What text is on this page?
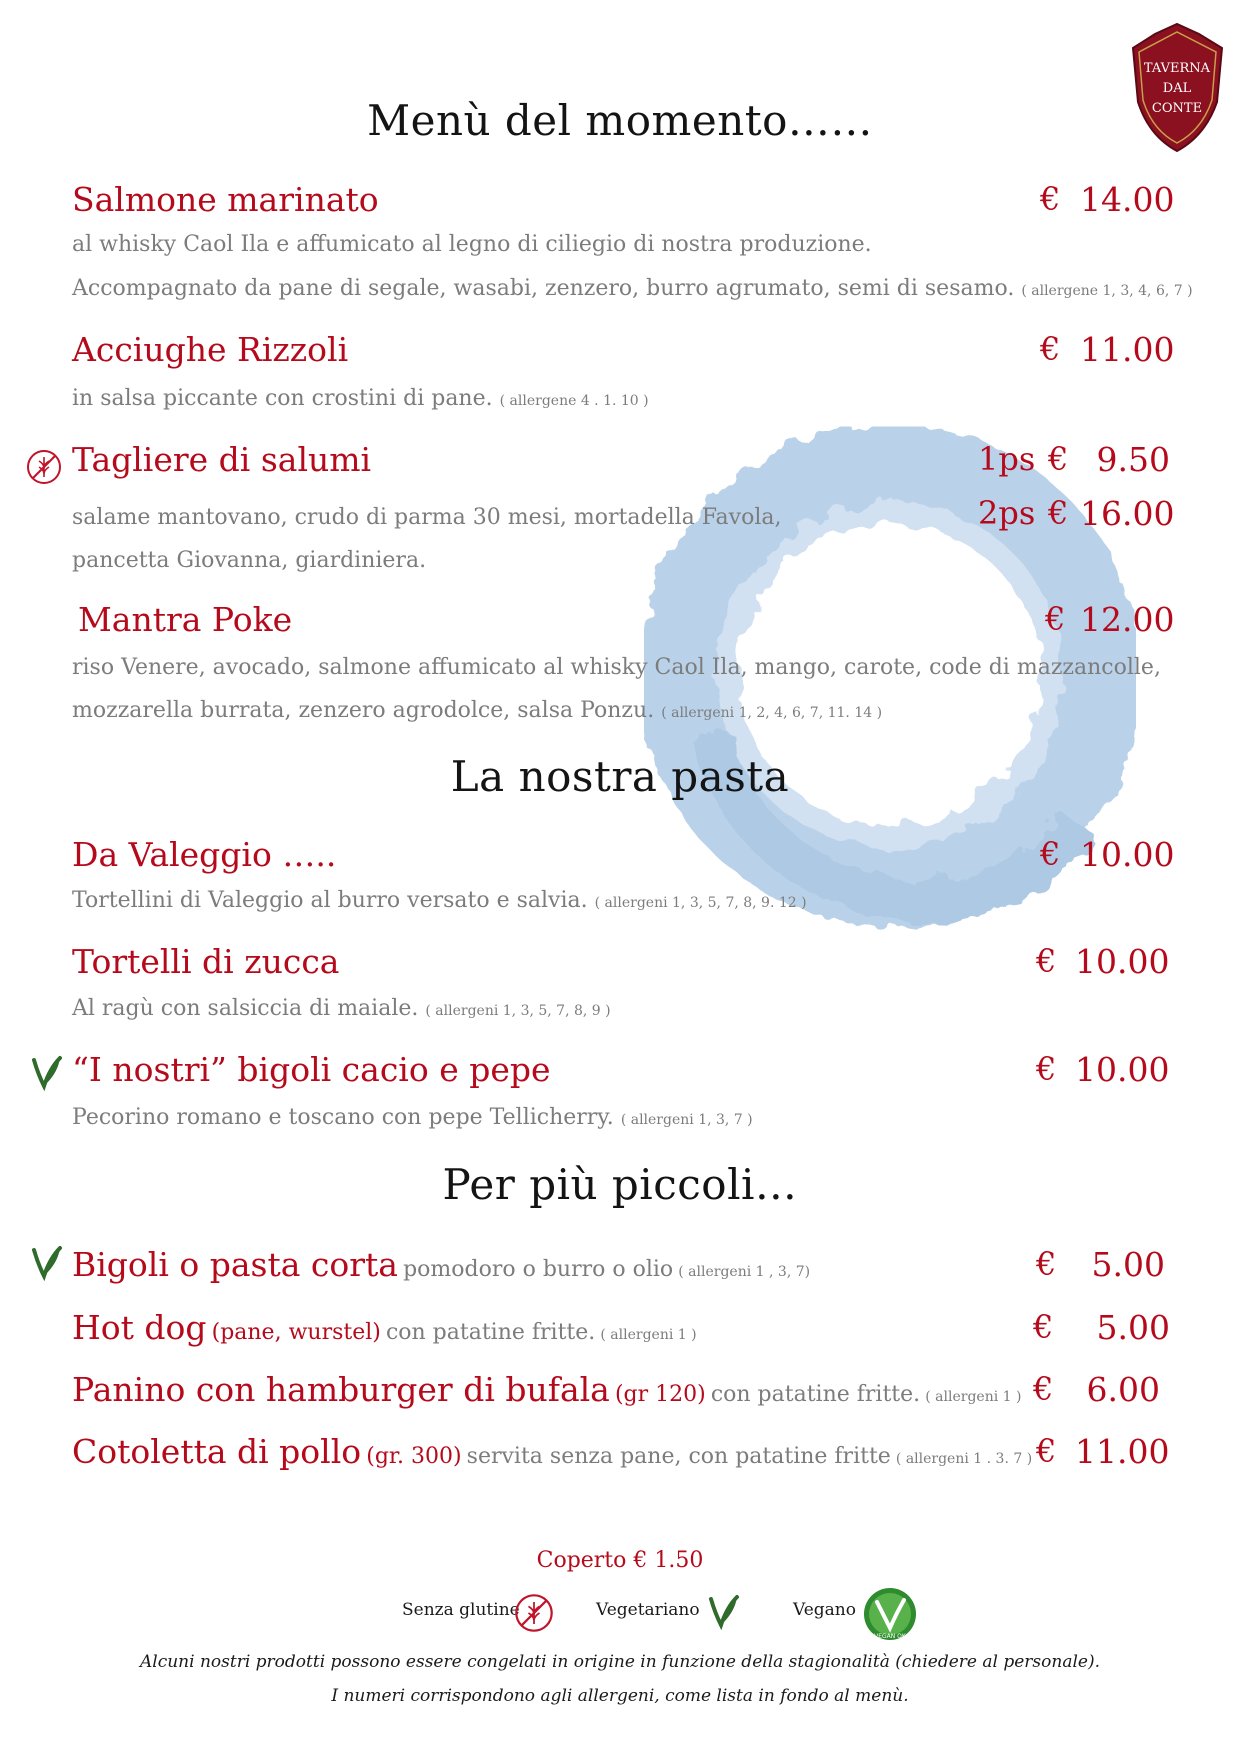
TAVERNA
DAL
CONTE
Menù del momento……
Salmone marinato	€ 14.00
al whisky Caol Ila e affumicato al legno di ciliegio di nostra produzione.
Accompagnato da pane di segale, wasabi, zenzero, burro agrumato, semi di sesamo. ( allergene 1, 3, 4, 6, 7 )
Acciughe Rizzoli	€ 11.00
in salsa piccante con crostini di pane. ( allergene 4 . 1. 10 )
Tagliere di salumi	1ps € 9.50
2ps € 16.00
salame mantovano, crudo di parma 30 mesi, mortadella Favola,
pancetta Giovanna, giardiniera.
Mantra Poke	€ 12.00
riso Venere, avocado, salmone affumicato al whisky Caol Ila, mango, carote, code di mazzancolle,
mozzarella burrata, zenzero agrodolce, salsa Ponzu. ( allergeni 1, 2, 4, 6, 7, 11. 14 )
La nostra pasta
Da Valeggio …..	€ 10.00
Tortellini di Valeggio al burro versato e salvia. ( allergeni 1, 3, 5, 7, 8, 9. 12 )
Tortelli di zucca	€ 10.00
Al ragù con salsiccia di maiale. ( allergeni 1, 3, 5, 7, 8, 9 )
“I nostri” bigoli cacio e pepe	€ 10.00
Pecorino romano e toscano con pepe Tellicherry. ( allergeni 1, 3, 7 )
Per più piccoli…
Bigoli o pasta corta pomodoro o burro o olio ( allergeni 1 , 3, 7)	€	5.00
Hot dog (pane, wurstel) con patatine fritte. ( allergeni 1 )	€	5.00
Panino con hamburger di bufala (gr 120) con patatine fritte. ( allergeni 1 ) €	6.00
Cotoletta di pollo (gr. 300) servita senza pane, con patatine fritte ( allergeni 1 . 3. 7 ) € 11.00
Coperto € 1.50
Senza glutine	Vegetariano	Vegano
VEGAN OK
Alcuni nostri prodotti possono essere congelati in origine in funzione della stagionalità (chiedere al personale).
I numeri corrispondono agli allergeni, come lista in fondo al menù.
